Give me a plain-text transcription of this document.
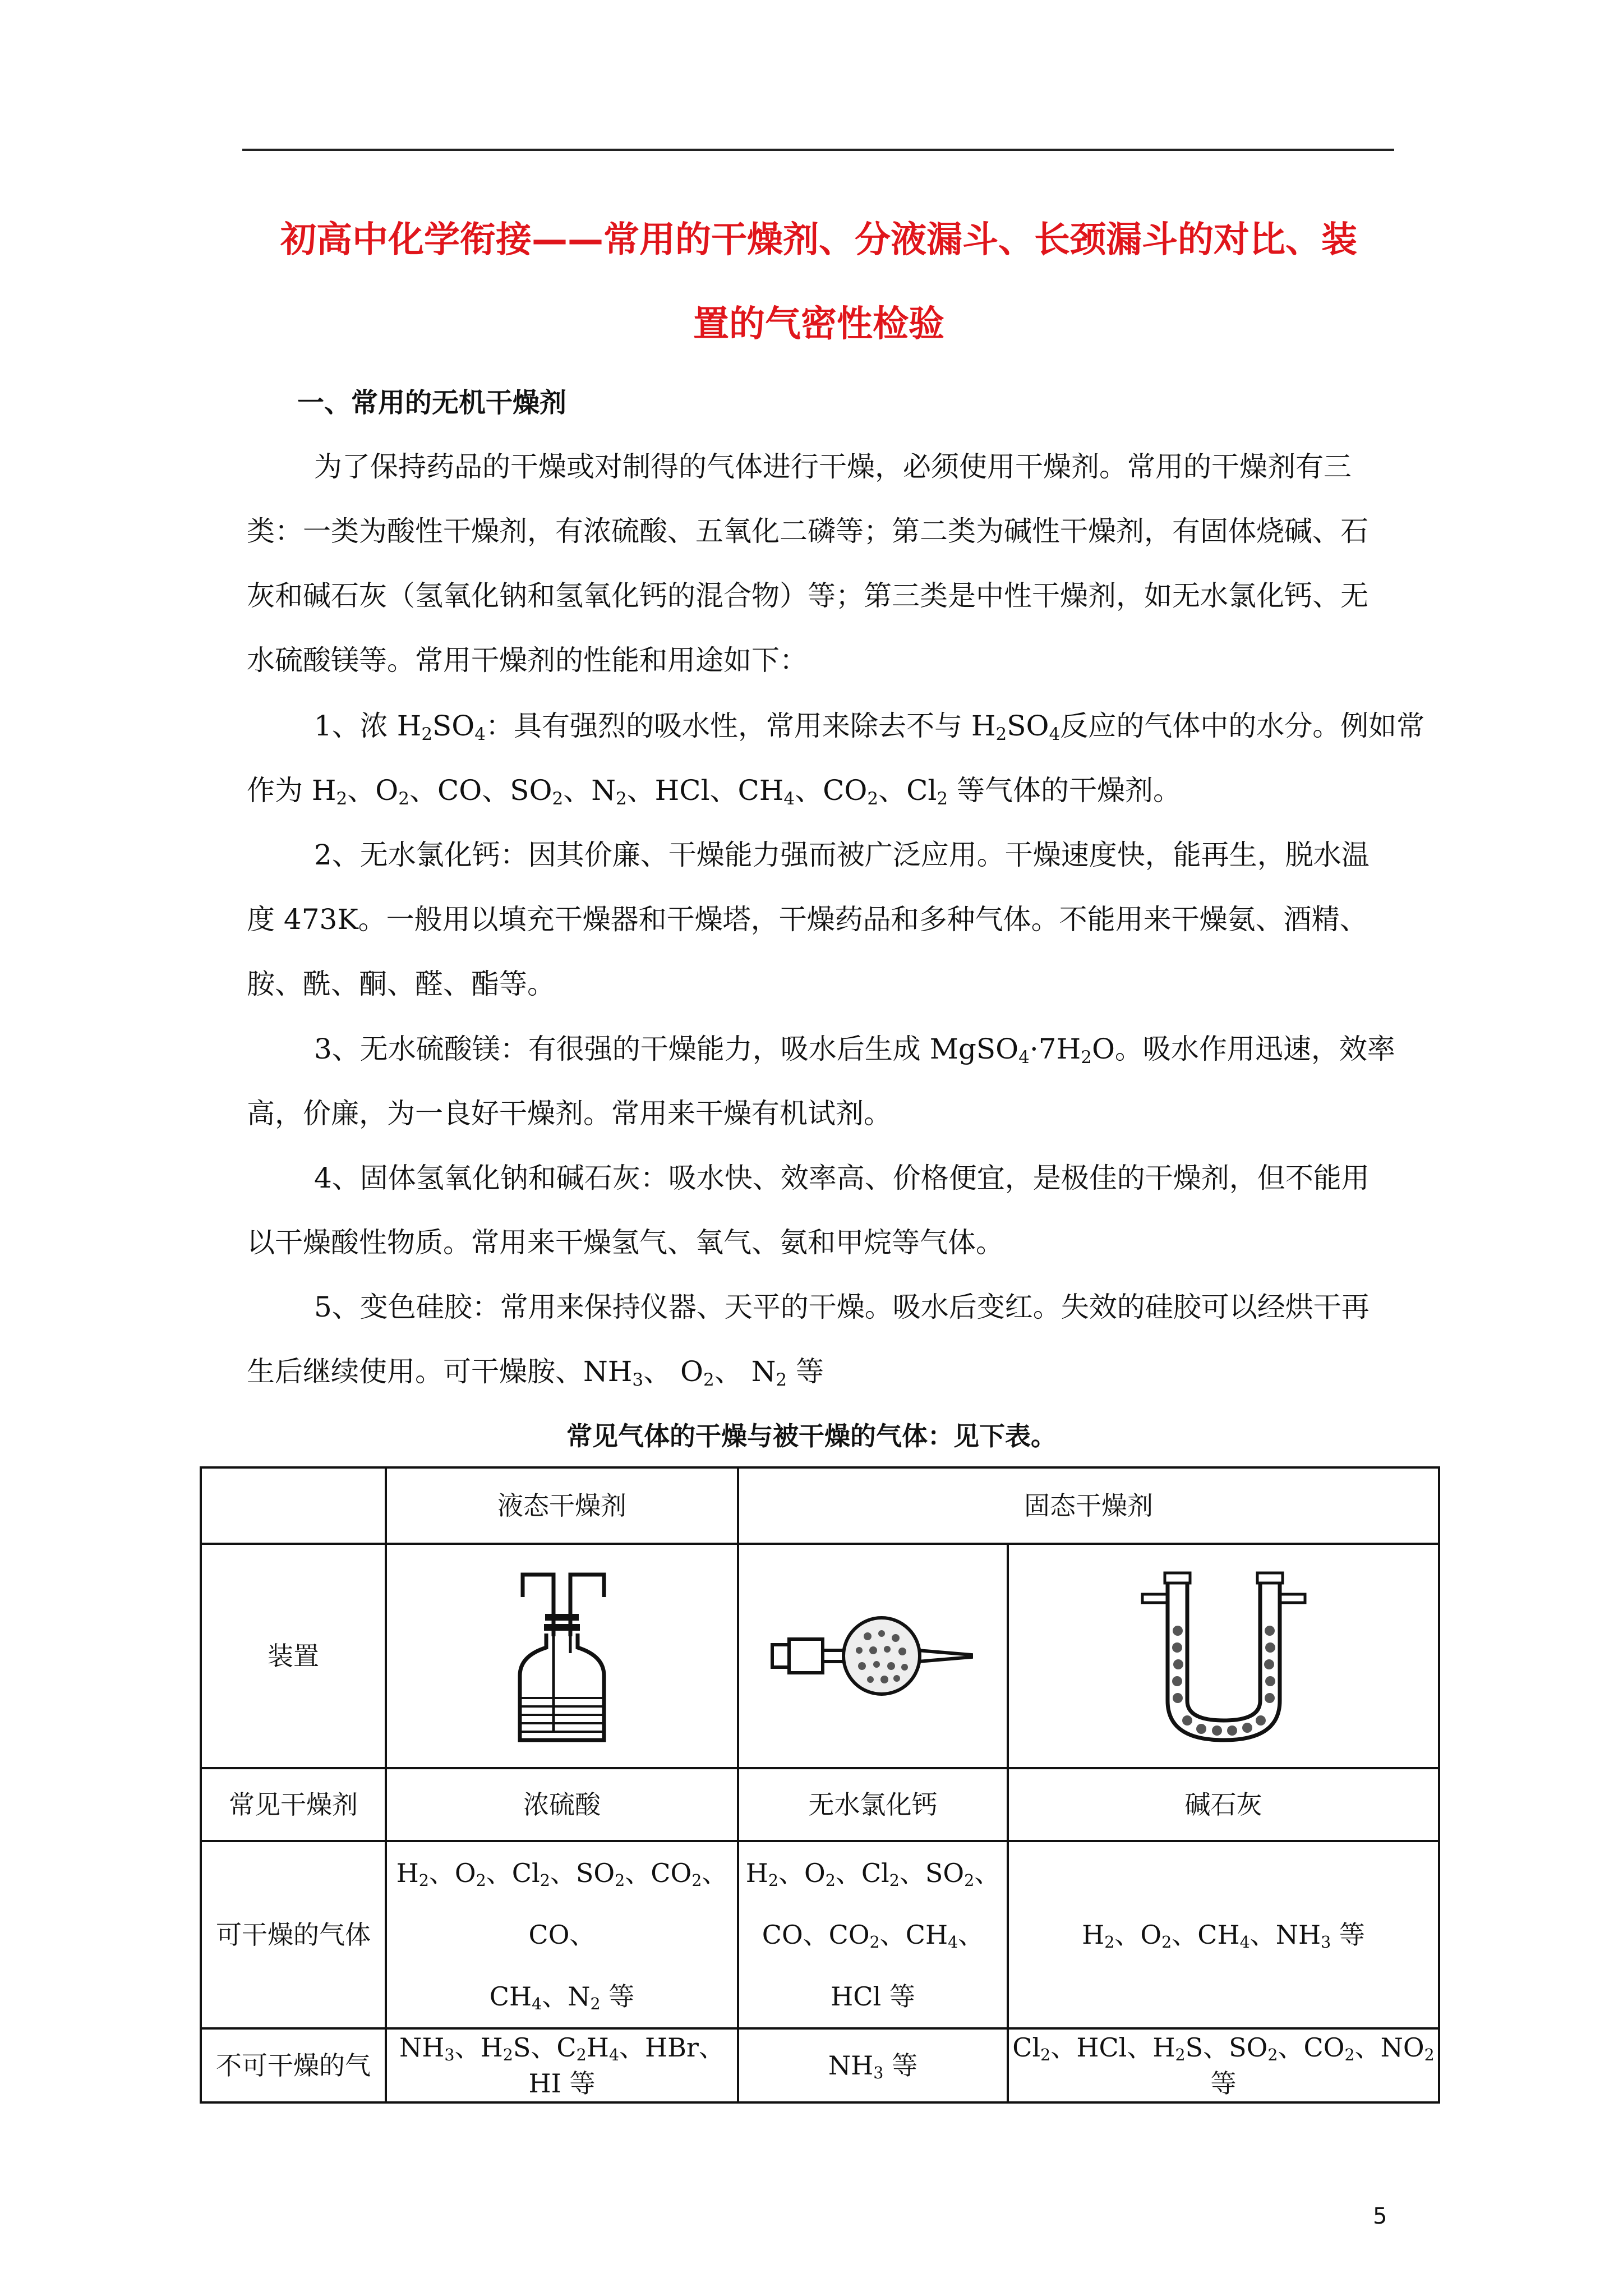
初高中化学衔接——常用的干燥剂、分液漏斗、长颈漏斗的对比、装
置的气密性检验
一、常用的无机干燥剂
为了保持药品的干燥或对制得的气体进行干燥，必须使用干燥剂。常用的干燥剂有三
类：一类为酸性干燥剂，有浓硫酸、五氧化二磷等；第二类为碱性干燥剂，有固体烧碱、石
灰和碱石灰（氢氧化钠和氢氧化钙的混合物）等；第三类是中性干燥剂，如无水氯化钙、无
水硫酸镁等。常用干燥剂的性能和用途如下：
1、浓 $H_2SO_4$：具有强烈的吸水性，常用来除去不与 $H_2SO_4$反应的气体中的水分。例如常
作为 $H_2$、$O_2$、CO、$SO_2$、$N_2$、HCl、$CH_4$、$CO_2$、$Cl_2$ 等气体的干燥剂。
2、无水氯化钙：因其价廉、干燥能力强而被广泛应用。干燥速度快，能再生，脱水温
度 473K。一般用以填充干燥器和干燥塔，干燥药品和多种气体。不能用来干燥氨、酒精、
胺、酰、酮、醛、酯等。
3、无水硫酸镁：有很强的干燥能力，吸水后生成 $MgSO_4\cdot 7H_2O$。吸水作用迅速，效率
高，价廉，为一良好干燥剂。常用来干燥有机试剂。
4、固体氢氧化钠和碱石灰：吸水快、效率高、价格便宜，是极佳的干燥剂，但不能用
以干燥酸性物质。常用来干燥氢气、氧气、氨和甲烷等气体。
5、变色硅胶：常用来保持仪器、天平的干燥。吸水后变红。失效的硅胶可以经烘干再
生后继续使用。可干燥胺、$NH_3$、 $O_2$、 $N_2$ 等
常见气体的干燥与被干燥的气体：见下表。
	液态干燥剂	固态干燥剂	
装置	

常见干燥剂	浓硫酸	无水氯化钙	碱石灰
可干燥的气体	$H_2$、$O_2$、$Cl_2$、$SO_2$、$CO_2$、CO、
$CH_4$、$N_2$ 等	$H_2$、$O_2$、$Cl_2$、$SO_2$、
CO、$CO_2$、$CH_4$、HCl 等	$H_2$、$O_2$、$CH_4$、$NH_3$ 等
不可干燥的气	$NH_3$、$H_2S$、$C_2H_4$、HBr、HI 等	$NH_3$ 等	$Cl_2$、HCl、$H_2S$、$SO_2$、$CO_2$、$NO_2$ 等
5
